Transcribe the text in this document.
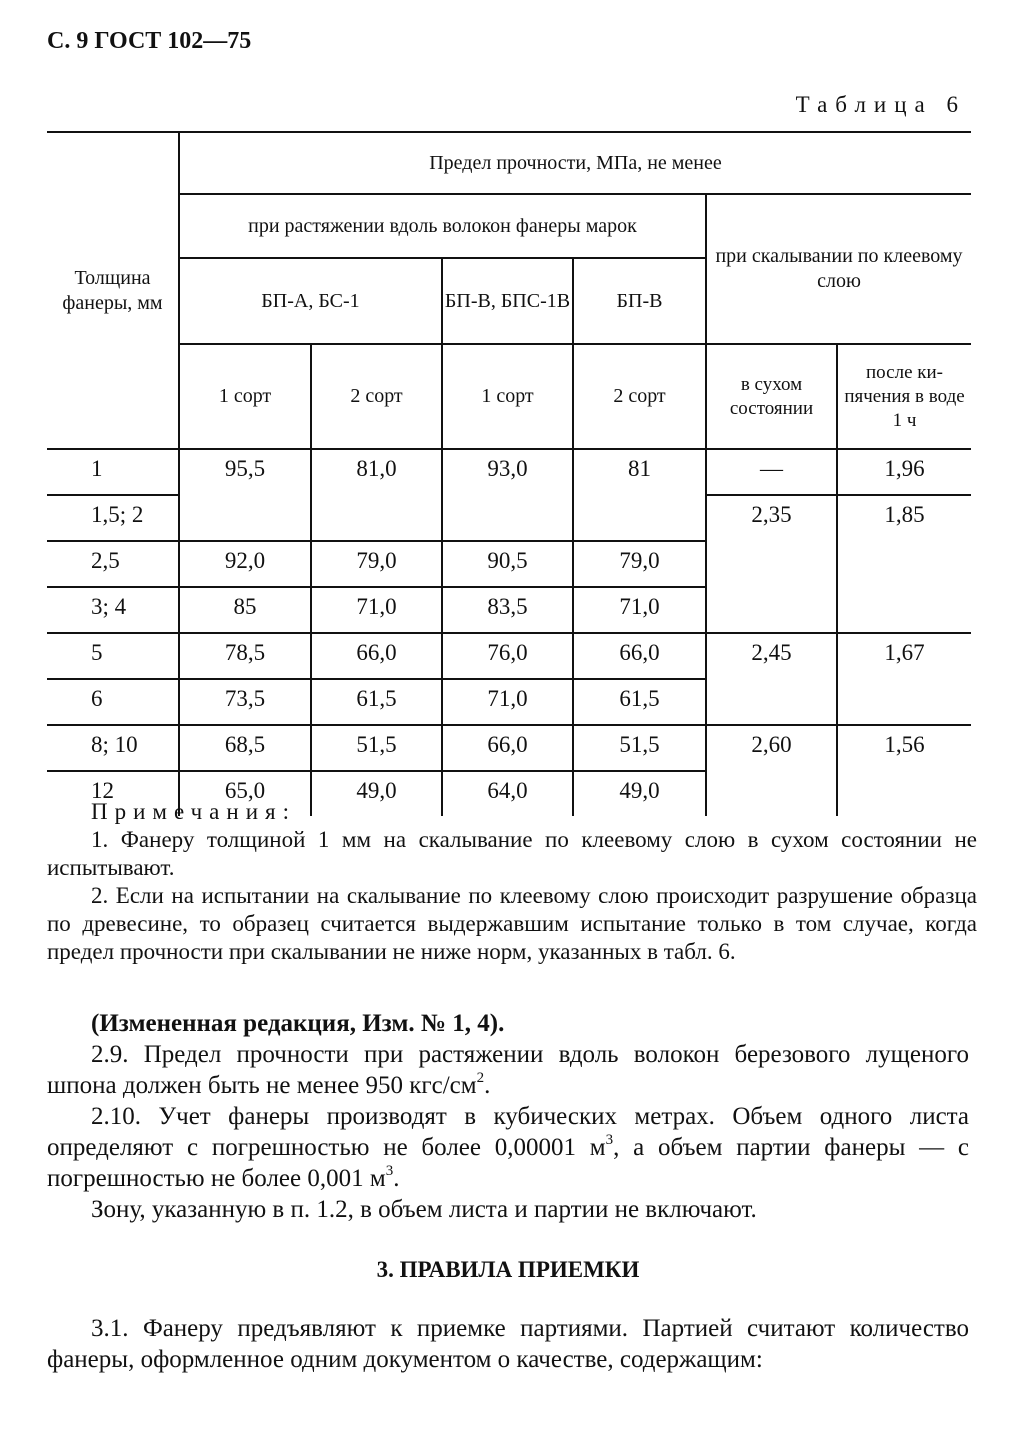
С. 9 ГОСТ 102—75
Таблица 6
Толщина фанеры, мм	Предел прочности, МПа, не менее					
	при растяжении вдоль волокон фанеры марок				при скалывании по клеевому слою	
	БП-А, БС-1		БП-В, БПС-1В	БП-В		
	1 сорт	2 сорт	1 сорт	2 сорт	в сухом состоянии	после ки-пячения в воде 1 ч
1	95,5	81,0	93,0	81	—	1,96
1,5; 2					2,35	1,85
2,5	92,0	79,0	90,5	79,0		
3; 4	85	71,0	83,5	71,0		
5	78,5	66,0	76,0	66,0	2,45	1,67
6	73,5	61,5	71,0	61,5		
8; 10	68,5	51,5	66,0	51,5	2,60	1,56
12	65,0	49,0	64,0	49,0		

Примечания:

1. Фанеру толщиной 1 мм на скалывание по клеевому слою в сухом состоянии не испытывают.

2. Если на испытании на скалывание по клеевому слою происходит разрушение образца по древесине, то образец считается выдержавшим испытание только в том случае, когда предел прочности при скалывании не ниже норм, указанных в табл. 6.

(Измененная редакция, Изм. № 1, 4).

2.9. Предел прочности при растяжении вдоль волокон березового лущеного шпона должен быть не менее 950 кгс/$см^2$.

2.10. Учет фанеры производят в кубических метрах. Объем одного листа определяют с погрешностью не более 0,00001 $м^3$, а объем партии фанеры — с погрешностью не более 0,001 $м^3$.

Зону, указанную в п. 1.2, в объем листа и партии не включают.

3. ПРАВИЛА ПРИЕМКИ

3.1. Фанеру предъявляют к приемке партиями. Партией считают количество фанеры, оформленное одним документом о качестве, содержащим:
